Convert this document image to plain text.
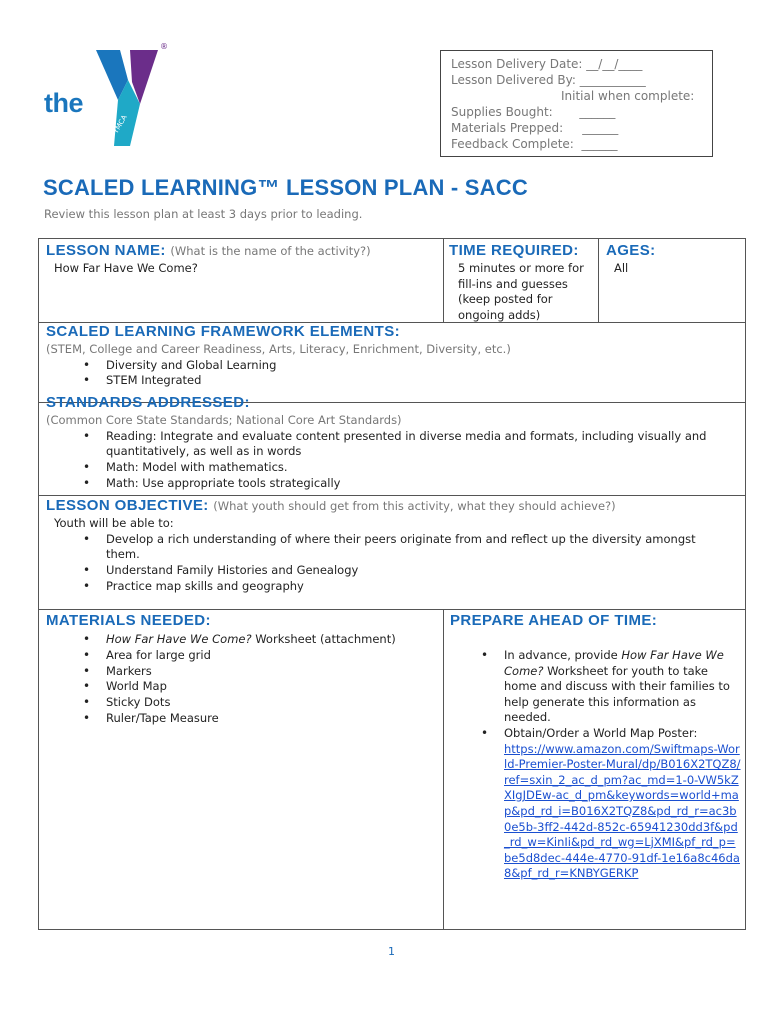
YMCA
the
®
Lesson Delivery Date: __/__/____
Lesson Delivered By: ___________
Initial when complete:
Supplies Bought:       ______
Materials Prepped:     ______
Feedback Complete:  ______
SCALED LEARNING™ LESSON PLAN - SACC
Review this lesson plan at least 3 days prior to leading.
LESSON NAME: (What is the name of the activity?)
How Far Have We Come?
TIME REQUIRED:
5 minutes or more for fill-ins and guesses (keep posted for ongoing adds)
AGES:
All
SCALED LEARNING FRAMEWORK ELEMENTS:
(STEM, College and Career Readiness, Arts, Literacy, Enrichment, Diversity, etc.)
• Diversity and Global Learning
• STEM Integrated
STANDARDS ADDRESSED:
(Common Core State Standards; National Core Art Standards)
• Reading: Integrate and evaluate content presented in diverse media and formats, including visually and quantitatively, as well as in words
• Math: Model with mathematics.
• Math: Use appropriate tools strategically
LESSON OBJECTIVE: (What youth should get from this activity, what they should achieve?)
Youth will be able to:
• Develop a rich understanding of where their peers originate from and reflect up the diversity amongst them.
• Understand Family Histories and Genealogy
• Practice map skills and geography
MATERIALS NEEDED:
• How Far Have We Come? Worksheet (attachment)
• Area for large grid
• Markers
• World Map
• Sticky Dots
• Ruler/Tape Measure
PREPARE AHEAD OF TIME:
• In advance, provide How Far Have We Come? Worksheet for youth to take home and discuss with their families to help generate this information as needed.
• Obtain/Order a World Map Poster:
https://www.amazon.com/Swiftmaps-World-Premier-Poster-Mural/dp/B016X2TQZ8/ref=sxin_2_ac_d_pm?ac_md=1-0-VW5kZXIgJDEw-ac_d_pm&keywords=world+map&pd_rd_i=B016X2TQZ8&pd_rd_r=ac3b0e5b-3ff2-442d-852c-65941230dd3f&pd_rd_w=KinIi&pd_rd_wg=LjXMI&pf_rd_p=be5d8dec-444e-4770-91df-1e16a8c46da8&pf_rd_r=KNBYGERKP
1
